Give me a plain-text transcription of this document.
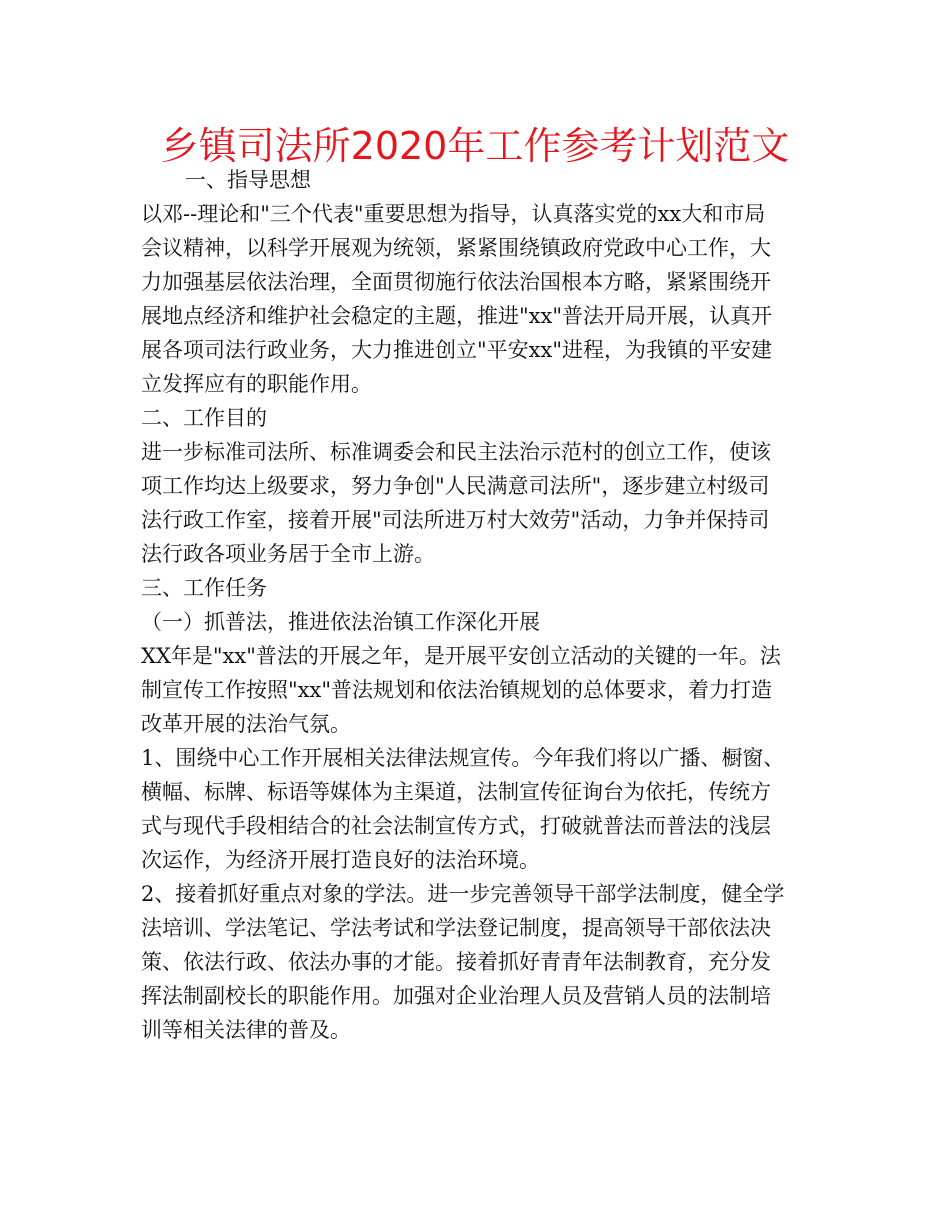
乡镇司法所2020年工作参考计划范文
一、指导思想
以邓--理论和"三个代表"重要思想为指导，认真落实党的xx大和市局
会议精神，以科学开展观为统领，紧紧围绕镇政府党政中心工作，大
力加强基层依法治理，全面贯彻施行依法治国根本方略，紧紧围绕开
展地点经济和维护社会稳定的主题，推进"xx"普法开局开展，认真开
展各项司法行政业务，大力推进创立"平安xx"进程，为我镇的平安建
立发挥应有的职能作用。
二、工作目的
进一步标准司法所、标准调委会和民主法治示范村的创立工作，使该
项工作均达上级要求，努力争创"人民满意司法所"，逐步建立村级司
法行政工作室，接着开展"司法所进万村大效劳"活动，力争并保持司
法行政各项业务居于全市上游。
三、工作任务
（一）抓普法，推进依法治镇工作深化开展
XX年是"xx"普法的开展之年，是开展平安创立活动的关键的一年。法
制宣传工作按照"xx"普法规划和依法治镇规划的总体要求，着力打造
改革开展的法治气氛。
1、围绕中心工作开展相关法律法规宣传。今年我们将以广播、橱窗、
横幅、标牌、标语等媒体为主渠道，法制宣传征询台为依托，传统方
式与现代手段相结合的社会法制宣传方式，打破就普法而普法的浅层
次运作，为经济开展打造良好的法治环境。
2、接着抓好重点对象的学法。进一步完善领导干部学法制度，健全学
法培训、学法笔记、学法考试和学法登记制度，提高领导干部依法决
策、依法行政、依法办事的才能。接着抓好青青年法制教育，充分发
挥法制副校长的职能作用。加强对企业治理人员及营销人员的法制培
训等相关法律的普及。
